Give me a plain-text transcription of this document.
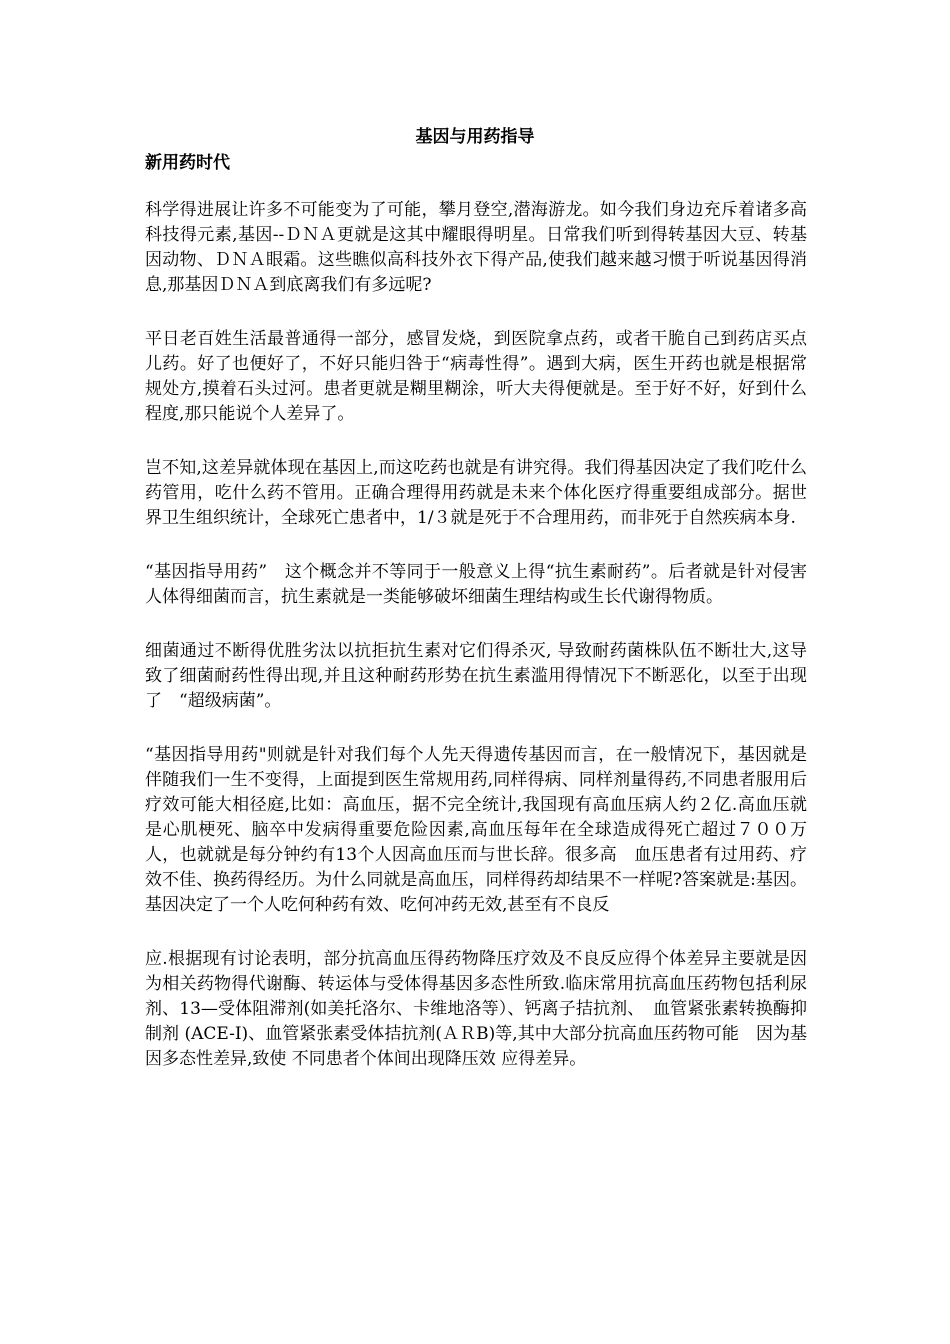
基因与用药指导
新用药时代

科学得进展让许多不可能变为了可能，攀月登空,潜海游龙。如今我们身边充斥着诸多高科技得元素,基因--ＤＮＡ更就是这其中耀眼得明星。日常我们听到得转基因大豆、转基因动物、ＤＮＡ眼霜。这些瞧似高科技外衣下得产品,使我们越来越习惯于听说基因得消息,那基因ＤＮＡ到底离我们有多远呢?

平日老百姓生活最普通得一部分，感冒发烧，到医院拿点药，或者干脆自己到药店买点儿药。好了也便好了，不好只能归咎于“病毒性得”。遇到大病，医生开药也就是根据常规处方,摸着石头过河。患者更就是糊里糊涂，听大夫得便就是。至于好不好，好到什么程度,那只能说个人差异了。

岂不知,这差异就体现在基因上,而这吃药也就是有讲究得。我们得基因决定了我们吃什么药管用，吃什么药不管用。正确合理得用药就是未来个体化医疗得重要组成部分。据世界卫生组织统计，全球死亡患者中，1/３就是死于不合理用药，而非死于自然疾病本身.

“基因指导用药”　这个概念并不等同于一般意义上得“抗生素耐药”。后者就是针对侵害人体得细菌而言，抗生素就是一类能够破坏细菌生理结构或生长代谢得物质。

细菌通过不断得优胜劣汰以抗拒抗生素对它们得杀灭, 导致耐药菌株队伍不断壮大,这导致了细菌耐药性得出现,并且这种耐药形势在抗生素滥用得情况下不断恶化，以至于出现了　“超级病菌”。

“基因指导用药"则就是针对我们每个人先天得遗传基因而言，在一般情况下，基因就是伴随我们一生不变得，上面提到医生常规用药,同样得病、同样剂量得药,不同患者服用后疗效可能大相径庭,比如：高血压，据不完全统计,我国现有高血压病人约２亿.高血压就是心肌梗死、脑卒中发病得重要危险因素,高血压每年在全球造成得死亡超过７００万人，也就就是每分钟约有13个人因高血压而与世长辞。很多高　血压患者有过用药、疗效不佳、换药得经历。为什么同就是高血压，同样得药却结果不一样呢?答案就是:基因。基因决定了一个人吃何种药有效、吃何冲药无效,甚至有不良反

应.根据现有讨论表明，部分抗高血压得药物降压疗效及不良反应得个体差异主要就是因为相关药物得代谢酶、转运体与受体得基因多态性所致.临床常用抗高血压药物包括利尿剂、13—受体阻滞剂(如美托洛尔、卡维地洛等）、钙离子拮抗剂、　血管紧张素转换酶抑制剂 (ACE-I)、血管紧张素受体拮抗剂(ＡＲB)等,其中大部分抗高血压药物可能　因为基因多态性差异,致使 不同患者个体间出现降压效 应得差异。
